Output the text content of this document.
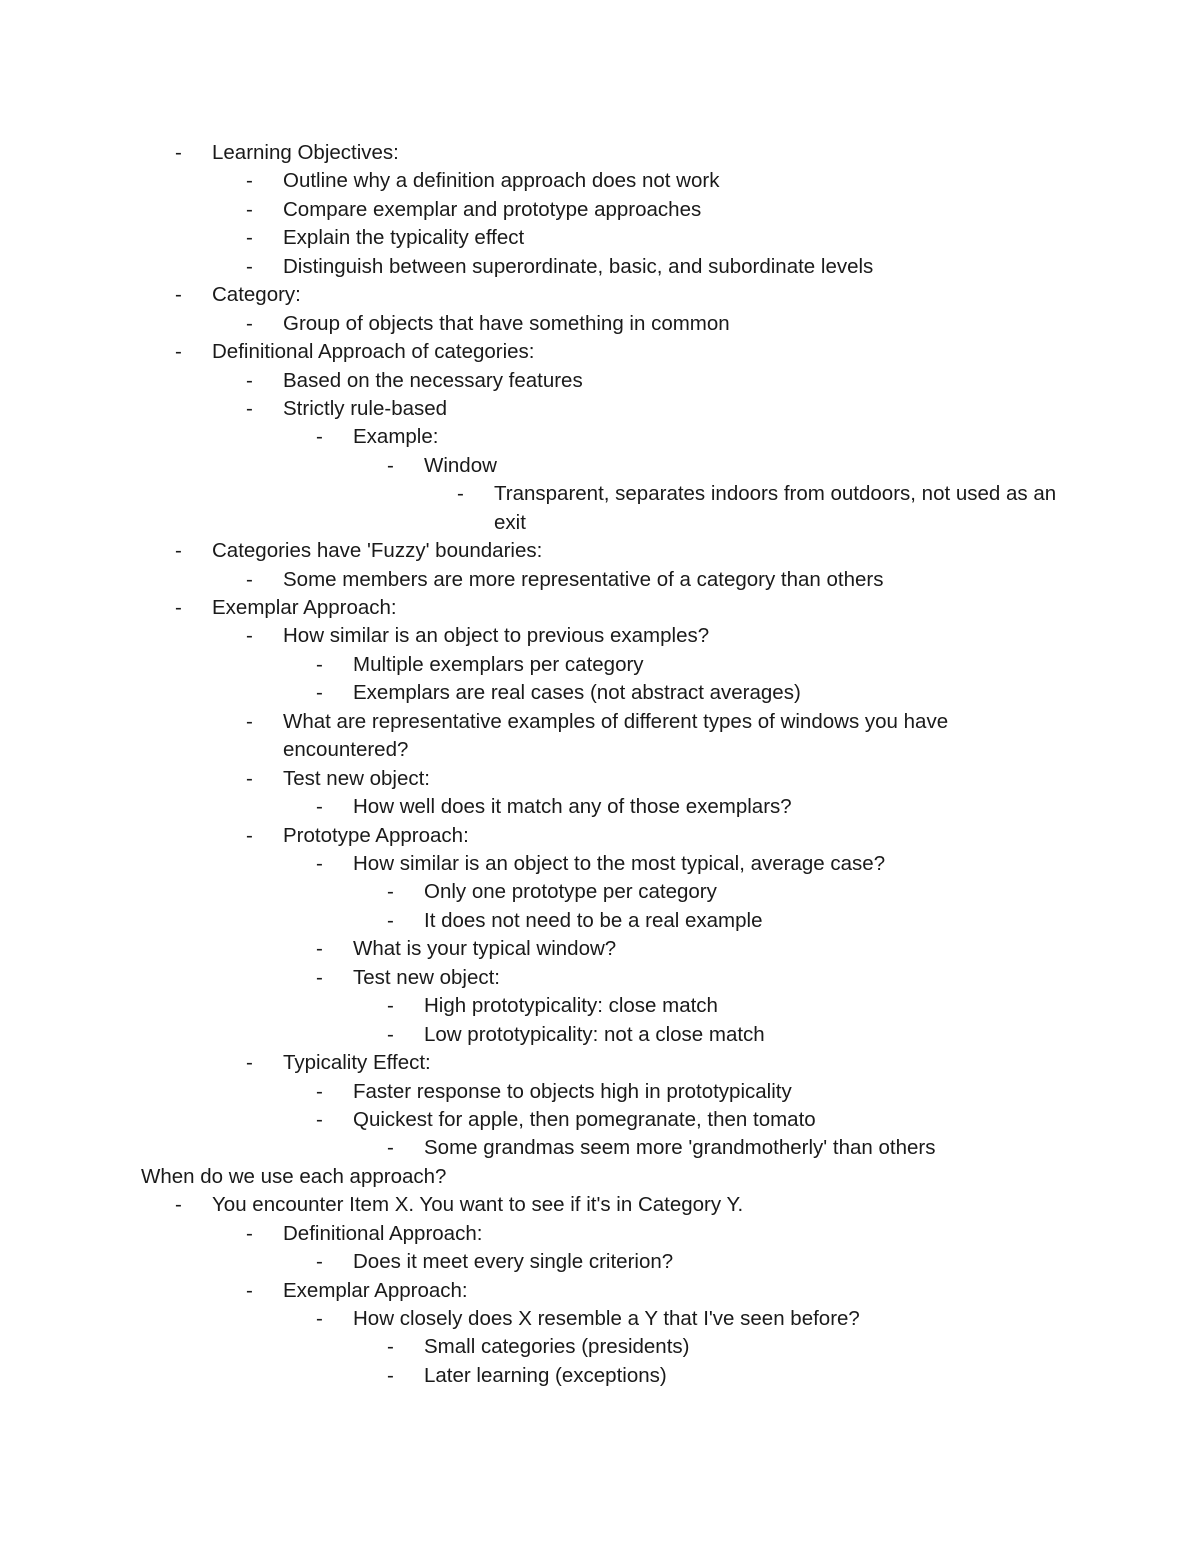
- Learning Objectives:
- Outline why a definition approach does not work
- Compare exemplar and prototype approaches
- Explain the typicality effect
- Distinguish between superordinate, basic, and subordinate levels
- Category:
- Group of objects that have something in common
- Definitional Approach of categories:
- Based on the necessary features
- Strictly rule-based
- Example:
- Window
- Transparent, separates indoors from outdoors, not used as an exit
- Categories have 'Fuzzy' boundaries:
- Some members are more representative of a category than others
- Exemplar Approach:
- How similar is an object to previous examples?
- Multiple exemplars per category
- Exemplars are real cases (not abstract averages)
- What are representative examples of different types of windows you have encountered?
- Test new object:
- How well does it match any of those exemplars?
- Prototype Approach:
- How similar is an object to the most typical, average case?
- Only one prototype per category
- It does not need to be a real example
- What is your typical window?
- Test new object:
- High prototypicality: close match
- Low prototypicality: not a close match
- Typicality Effect:
- Faster response to objects high in prototypicality
- Quickest for apple, then pomegranate, then tomato
- Some grandmas seem more 'grandmotherly' than others
When do we use each approach?
- You encounter Item X. You want to see if it's in Category Y.
- Definitional Approach:
- Does it meet every single criterion?
- Exemplar Approach:
- How closely does X resemble a Y that I've seen before?
- Small categories (presidents)
- Later learning (exceptions)
